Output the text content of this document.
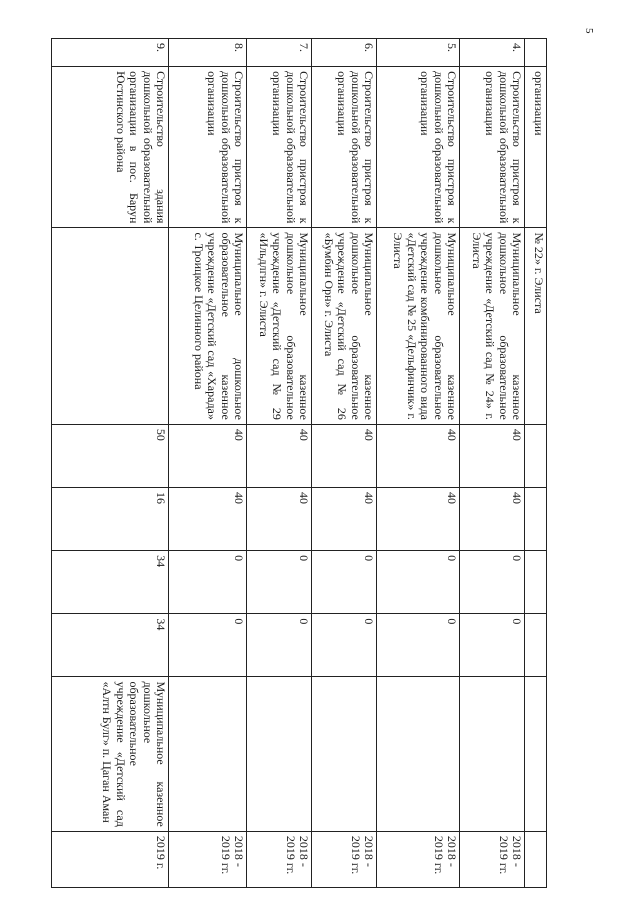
5
	организации	№ 22» г. Элиста						
4.	Строительство пристроя к дошкольной образовательной организации	Муниципальное казенное дошкольное образовательное учреждение «Детский сад № 24» г. Элиста	40	40	0	0		2018 - 2019 гг.
5.	Строительство пристроя к дошкольной образовательной организации	Муниципальное казенное дошкольное образовательное учреждение комбинированного вида «Детский сад № 25 «Дельфинчик» г. Элиста	40	40	0	0		2018 - 2019 гг.
6.	Строительство пристроя к дошкольной образовательной организации	Муниципальное казенное дошкольное образовательное учреждение «Детский сад № 26 «Бумбин Орн» г. Элиста	40	40	0	0		2018 - 2019 гг.
7.	Строительство пристроя к дошкольной образовательной организации	Муниципальное казенное дошкольное образовательное учреждение «Детский сад № 29 «Ильдлгн» г. Элиста	40	40	0	0		2018 - 2019 гг.
8.	Строительство пристроя к дошкольной образовательной организации	Муниципальное дошкольное образовательное казенное учреждение «Детский сад «Харада» с. Троицкое Целинного района	40	40	0	0		2018 - 2019 гг.
9.	Строительство здания дошкольной образовательной организации в пос. Барун Юстинского района		50	16	34	34	Муниципальное казенное дошкольное образовательное учреждение «Детский сад «Алтн Булг» п. Цаган Аман	2019 г.
